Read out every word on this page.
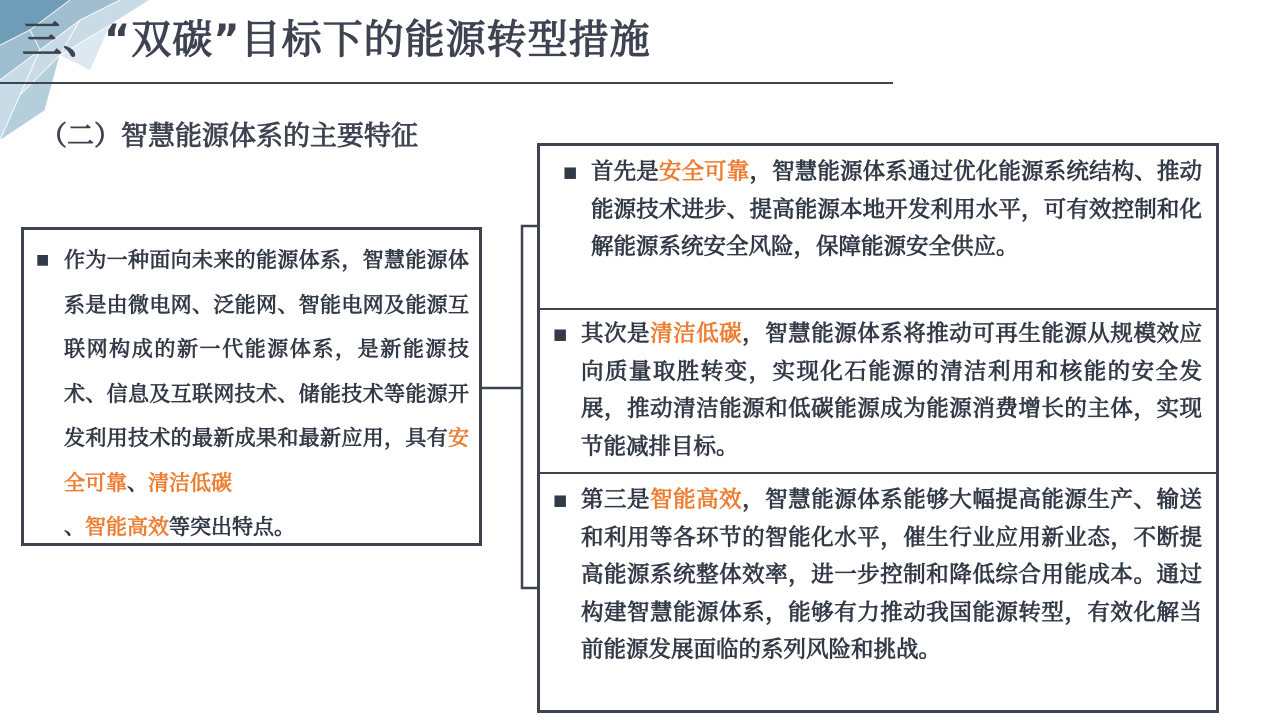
三、“双碳”目标下的能源转型措施
（二）智慧能源体系的主要特征
■ 作为一种面向未来的能源体系，智慧能源体系是由微电网、泛能网、智能电网及能源互联网构成的新一代能源体系，是新能源技术、信息及互联网技术、储能技术等能源开发利用技术的最新成果和最新应用，具有安全可靠、清洁低碳
、智能高效等突出特点。
■ 首先是安全可靠，智慧能源体系通过优化能源系统结构、推动能源技术进步、提高能源本地开发利用水平，可有效控制和化解能源系统安全风险，保障能源安全供应。
■ 其次是清洁低碳，智慧能源体系将推动可再生能源从规模效应向质量取胜转变，实现化石能源的清洁利用和核能的安全发展，推动清洁能源和低碳能源成为能源消费增长的主体，实现节能减排目标。
■ 第三是智能高效，智慧能源体系能够大幅提高能源生产、输送和利用等各环节的智能化水平，催生行业应用新业态，不断提高能源系统整体效率，进一步控制和降低综合用能成本。通过构建智慧能源体系，能够有力推动我国能源转型，有效化解当前能源发展面临的系列风险和挑战。
